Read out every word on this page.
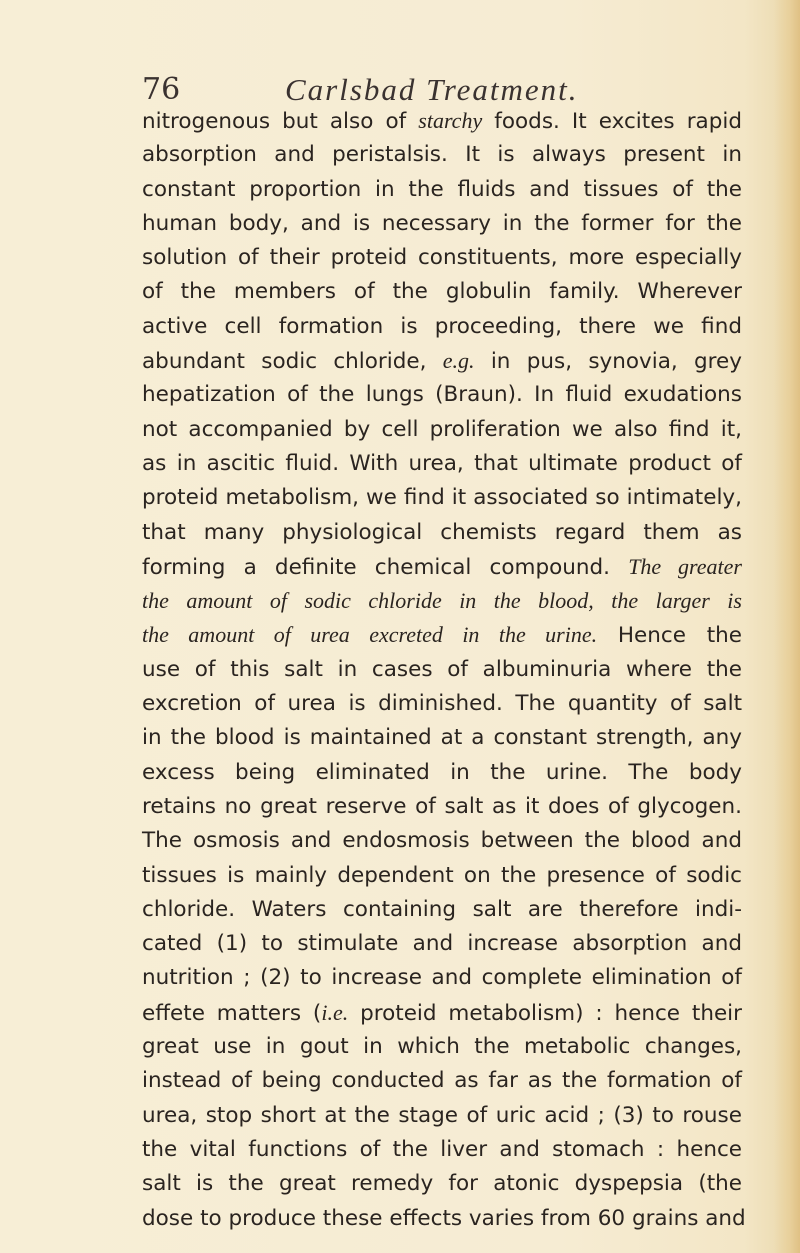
76	Carlsbad Treatment.
nitrogenous but also of starchy foods. It excites rapid
absorption and peristalsis. It is always present in
constant proportion in the fluids and tissues of the
human body, and is necessary in the former for the
solution of their proteid constituents, more especially
of the members of the globulin family. Wherever
active cell formation is proceeding, there we find
abundant sodic chloride, e.g. in pus, synovia, grey
hepatization of the lungs (Braun). In fluid exudations
not accompanied by cell proliferation we also find it,
as in ascitic fluid. With urea, that ultimate product of
proteid metabolism, we find it associated so intimately,
that many physiological chemists regard them as
forming a definite chemical compound. The greater
the amount of sodic chloride in the blood, the larger is
the amount of urea excreted in the urine. Hence the
use of this salt in cases of albuminuria where the
excretion of urea is diminished. The quantity of salt
in the blood is maintained at a constant strength, any
excess being eliminated in the urine. The body
retains no great reserve of salt as it does of glycogen.
The osmosis and endosmosis between the blood and
tissues is mainly dependent on the presence of sodic
chloride. Waters containing salt are therefore indi-
cated (1) to stimulate and increase absorption and
nutrition ; (2) to increase and complete elimination of
effete matters (i.e. proteid metabolism) : hence their
great use in gout in which the metabolic changes,
instead of being conducted as far as the formation of
urea, stop short at the stage of uric acid ; (3) to rouse
the vital functions of the liver and stomach : hence
salt is the great remedy for atonic dyspepsia (the
dose to produce these effects varies from 60 grains and
